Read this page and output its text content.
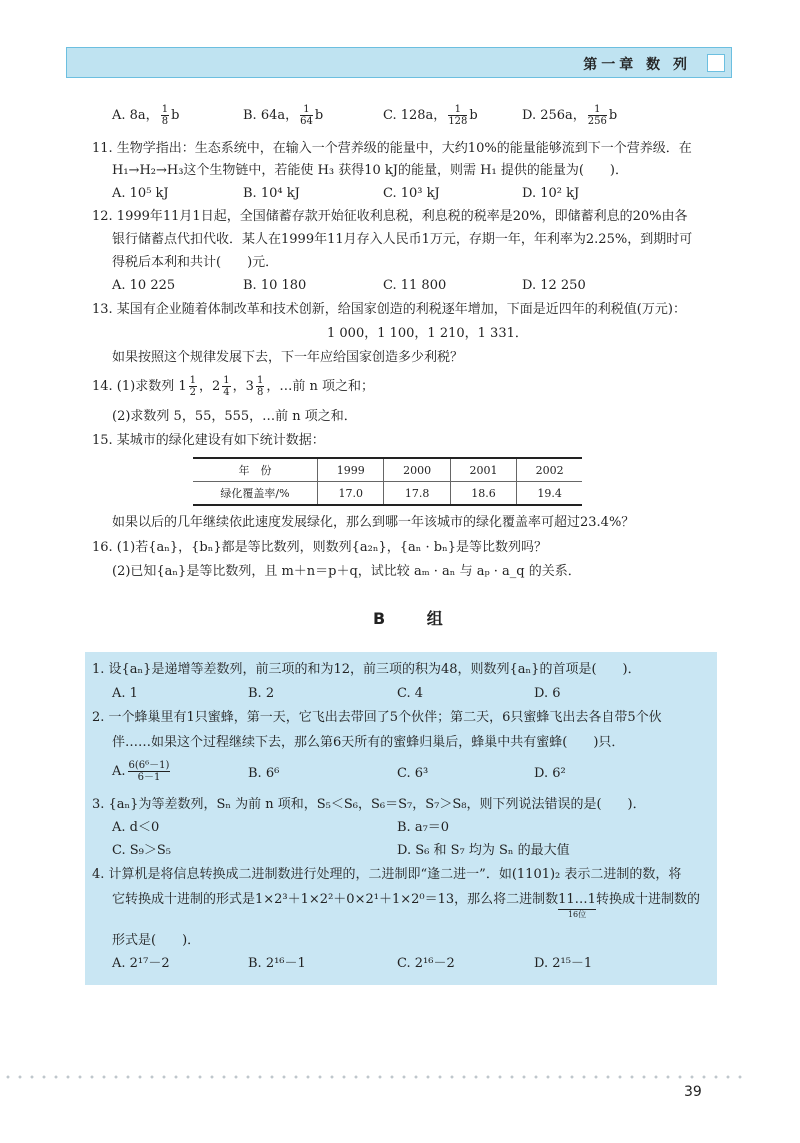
第一章 数 列
A. 8a， $\frac{1}{8}$ b	B. 64a， $\frac{1}{64}$ b	C. 128a， $\frac{1}{128}$ b	D. 256a， $\frac{1}{256}$ b
11. 生物学指出：生态系统中，在输入一个营养级的能量中，大约10%的能量能够流到下一个营养级．在
H₁→H₂→H₃这个生物链中，若能使 H₃ 获得10 kJ的能量，则需 H₁ 提供的能量为(　　)．
A. 10⁵ kJ	B. 10⁴ kJ	C. 10³ kJ	D. 10² kJ
12. 1999年11月1日起，全国储蓄存款开始征收利息税，利息税的税率是20%，即储蓄利息的20%由各
银行储蓄点代扣代收．某人在1999年11月存入人民币1万元，存期一年，年利率为2.25%，到期时可
得税后本利和共计(　　)元．
A. 10 225	B. 10 180	C. 11 800	D. 12 250
13. 某国有企业随着体制改革和技术创新，给国家创造的利税逐年增加，下面是近四年的利税值(万元)：
1 000，1 100，1 210，1 331．
如果按照这个规律发展下去，下一年应给国家创造多少利税？
14. (1)求数列 $1 \frac{1}{2}$ ，$2 \frac{1}{4}$ ，$3 \frac{1}{8}$ ，…前 n 项之和；
(2)求数列 5，55，555，…前 n 项之和．
15. 某城市的绿化建设有如下统计数据：
年　份	1999	2000	2001	2002
绿化覆盖率/%	17.0	17.8	18.6	19.4
如果以后的几年继续依此速度发展绿化，那么到哪一年该城市的绿化覆盖率可超过23.4%？
16. (1)若{aₙ}，{bₙ}都是等比数列，则数列{a₂ₙ}，{aₙ · bₙ}是等比数列吗？
(2)已知{aₙ}是等比数列，且 m＋n＝p＋q，试比较 aₘ · aₙ 与 aₚ · a_q 的关系．
B 组
1. 设{aₙ}是递增等差数列，前三项的和为12，前三项的积为48，则数列{aₙ}的首项是(　　)．
A. 1	B. 2	C. 4	D. 6
2. 一个蜂巢里有1只蜜蜂，第一天，它飞出去带回了5个伙伴；第二天，6只蜜蜂飞出去各自带5个伙
伴……如果这个过程继续下去，那么第6天所有的蜜蜂归巢后，蜂巢中共有蜜蜂(　　)只．
A. $\frac{\text{6(6⁶－1)}}{6-1}$	B. 6⁶	C. 6³	D. 6²
3. {aₙ}为等差数列，Sₙ 为前 n 项和，S₅＜S₆，S₆＝S₇，S₇＞S₈，则下列说法错误的是(　　)．
A. d＜0	B. a₇＝0
C. S₉＞S₅	D. S₆ 和 S₇ 均为 Sₙ 的最大值
4. 计算机是将信息转换成二进制数进行处理的，二进制即“逢二进一”．如(1101)₂ 表示二进制的数，将
它转换成十进制的形式是1×2³＋1×2²＋0×2¹＋1×2⁰＝13，那么将二进制数 11…1
16位
转换成十进制数的
形式是(　　)．
A. 2¹⁷－2	B. 2¹⁶－1	C. 2¹⁶－2	D. 2¹⁵－1
39
